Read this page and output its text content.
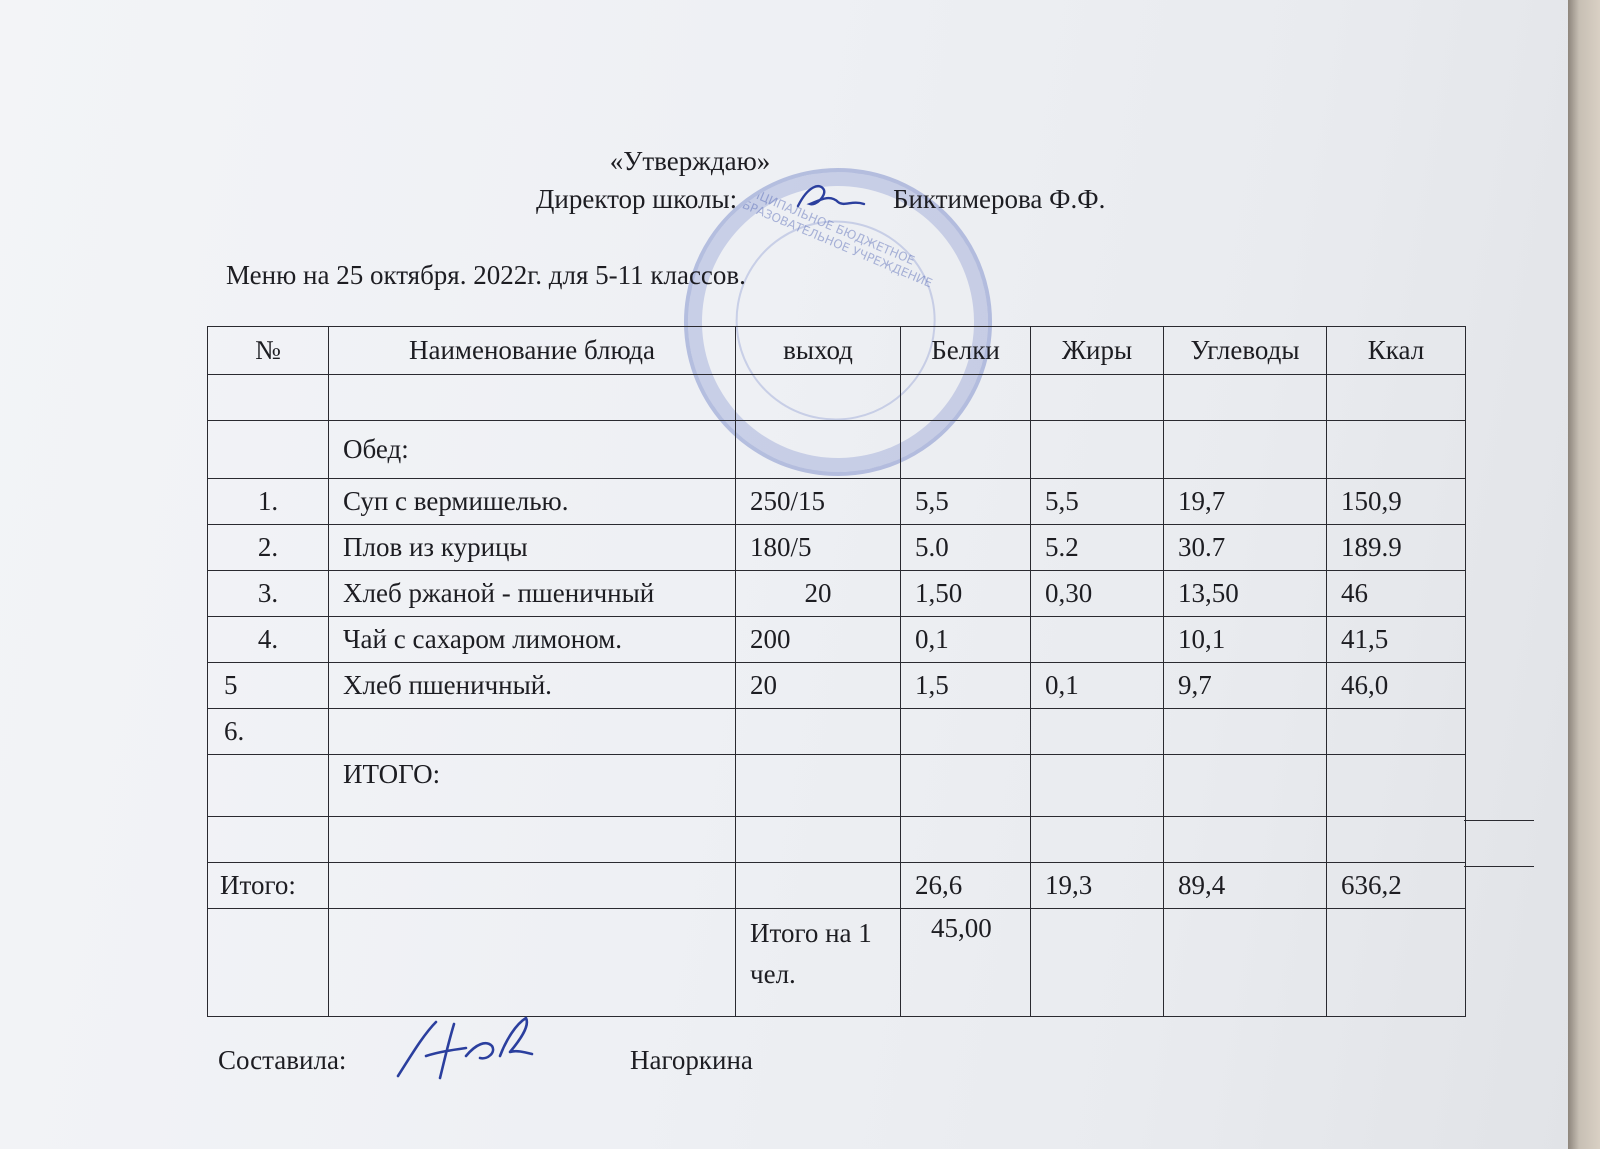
МУНИЦИПАЛЬНОЕ БЮДЖЕТНОЕ ОБЩЕОБРАЗОВАТЕЛЬНОЕ УЧРЕЖДЕНИЕ
«Утверждаю»
Директор школы:	Биктимерова Ф.Ф.
Меню на 25 октября. 2022г. для 5-11 классов.
№	Наименование блюда	выход	Белки	Жиры	Углеводы	Ккал

	Обед:					
1.	Суп с вермишелью.	250/15	5,5	5,5	19,7	150,9
2.	Плов из курицы	180/5	5.0	5.2	30.7	189.9
3.	Хлеб ржаной - пшеничный	20	1,50	0,30	13,50	46
4.	Чай с сахаром лимоном.	200	0,1		10,1	41,5
5	Хлеб пшеничный.	20	1,5	0,1	9,7	46,0
6.						
	ИТОГО:					

Итого:			26,6	19,3	89,4	636,2
		Итого на 1 чел.	45,00			
Составила:	Нагоркина
